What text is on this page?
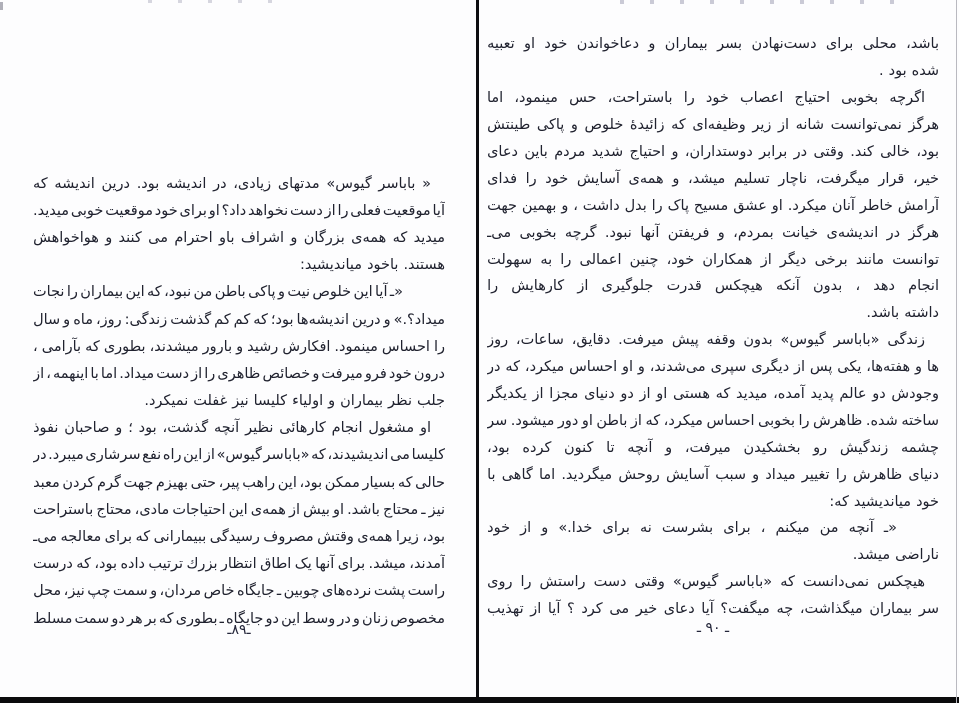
«
باباسر
گیوس»
مدتهای
زیادی،
در
اندیشه
بود.
درین
اندیشه
که
آیا
موقعیت
فعلی
را
از
دست
نخواهد
داد؟
او
برای
خود
موقعیت
خوبی
میدید.
میدید
که
همه‌ی
بزرگان
و
اشراف
باو
احترام
می
کنند
و
هواخواهش
هستند.
باخود
میاندیشید:
«ـ
آیا
این
خلوص
نیت
و
پاکی
باطن
من
نبود،
که
این
بیماران
را
نجات
میداد؟.»
و
درین
اندیشه‌ها
بود؛
که
کم
کم
گذشت
زندگی:
روز،
ماه
و
سال
را
احساس
مینمود.
افکارش
رشید
و
بارور
میشدند،
بطوری
که
بآرامی
،
درون
خود
فرو
میرفت
و
خصائص
ظاهری
را
از
دست
میداد.
اما
با
اینهمه
،
از
جلب
نظر
بیماران
و
اولیاء
کلیسا
نیز
غفلت
نمیکرد.
او
مشغول
انجام
کارهائی
نظیر
آنچه
گذشت،
بود
؛
و
صاحبان
نفوذ
کلیسا
می
اندیشیدند،
که
«باباسر
گیوس»
از
این
راه
نفع
سرشاری
میبرد.
در
حالی
که
بسیار
ممکن
بود،
این
راهب
پیر،
حتی
بهیزم
جهت
گرم
کردن
معبد
نیز
ـ
محتاج
باشد.
او
بیش
از
همه‌ی
این
احتیاجات
مادی،
محتاج
باستراحت
بود،
زیرا
همه‌ی
وقتش
مصروف
رسیدگی
ببیمارانی
که
برای
معالجه
می‌ـ
آمدند،
میشد.
برای
آنها
یک
اطاق
انتظار
بزرك
ترتیب
داده
بود،
که
درست
راست
پشت
نرده‌های
چوبین
ـ
جایگاه
خاص
مردان،
و
سمت
چپ
نیز،
محل
مخصوص
زنان
و
در
وسط
این
دو
جایگاه
ـ
بطوری
که
بر
هر
دو
سمت
مسلط
ـ۸۹ـ
باشد،
محلی
برای
دست‌نهادن
بسر
بیماران
و
دعاخواندن
خود
او
تعبیه
شده
بود
.
اگرچه
بخوبی
احتیاج
اعصاب
خود
را
باستراحت،
حس
مینمود،
اما
هرگز
نمی‌توانست
شانه
از
زیر
وظیفه‌ای
که
زائیدهٔ
خلوص
و
پاکی
طینتش
بود،
خالی
کند.
وقتی
در
برابر
دوستداران،
و
احتیاج
شدید
مردم
باین
دعای
خیر،
قرار
میگرفت،
ناچار
تسلیم
میشد،
و
همه‌ی
آسایش
خود
را
فدای
آرامش
خاطر
آنان
میکرد.
او
عشق
مسیح
پاک
را
بدل
داشت
،
و
بهمین
جهت
هرگز
در
اندیشه‌ی
خیانت
بمردم،
و
فریفتن
آنها
نبود.
گرچه
بخوبی
می‌ـ
توانست
مانند
برخی
دیگر
از
همکاران
خود،
چنین
اعمالی
را
به
سهولت
انجام
دهد
،
بدون
آنکه
هیچکس
قدرت
جلوگیری
از
کارهایش
را
داشته
باشد.
زندگی
«باباسر
گیوس»
بدون
وقفه
پیش
میرفت.
دقایق،
ساعات،
روز
ها
و
هفته‌ها،
یکی
پس
از
دیگری
سپری
می‌شدند،
و
او
احساس
میکرد،
که
در
وجودش
دو
عالم
پدید
آمده،
میدید
که
هستی
او
از
دو
دنیای
مجزا
از
یکدیگر
ساخته
شده.
ظاهرش
را
بخوبی
احساس
میکرد،
که
از
باطن
او
دور
میشود.
سر
چشمه
زندگیش
رو
بخشکیدن
میرفت،
و
آنچه
تا
کنون
کرده
بود،
دنیای
ظاهرش
را
تغییر
میداد
و
سبب
آسایش
روحش
میگردید.
اما
گاهی
با
خود
میاندیشید
که:
«ـ
آنچه
من
میکنم
،
برای
بشرست
نه
برای
خدا.»
و
از
خود
ناراضی
میشد.
هیچکس
نمی‌دانست
که
«باباسر
گیوس»
وقتی
دست
راستش
را
روی
سر
بیماران
میگذاشت،
چه
میگفت؟
آیا
دعای
خیر
می
کرد
؟
آیا
از
تهذیب
ـ ۹۰ ـ
